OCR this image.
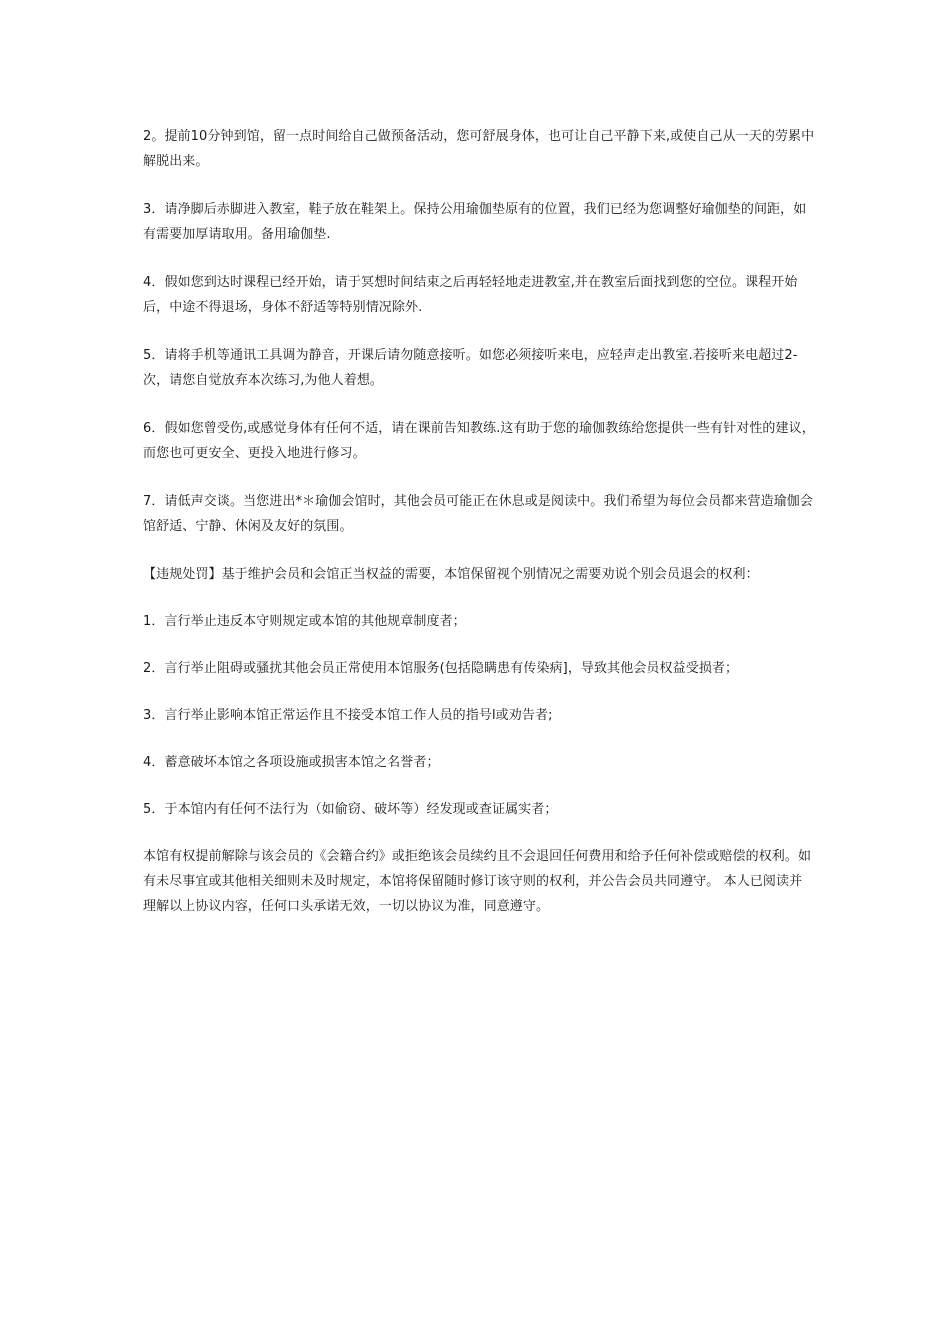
2。提前10分钟到馆，留一点时间给自己做预备活动，您可舒展身体，也可让自己平静下来,或使自己从一天的劳累中解脱出来。

3．请净脚后赤脚进入教室，鞋子放在鞋架上。保持公用瑜伽垫原有的位置，我们已经为您调整好瑜伽垫的间距，如有需要加厚请取用。备用瑜伽垫.

4．假如您到达时课程已经开始，请于冥想时间结束之后再轻轻地走进教室,并在教室后面找到您的空位。课程开始后，中途不得退场，身体不舒适等特别情况除外.

5．请将手机等通讯工具调为静音，开课后请勿随意接听。如您必须接听来电，应轻声走出教室.若接听来电超过2-次，请您自觉放弃本次练习,为他人着想。

6．假如您曾受伤,或感觉身体有任何不适，请在课前告知教练.这有助于您的瑜伽教练给您提供一些有针对性的建议，而您也可更安全、更投入地进行修习。

7．请低声交谈。当您进出*＊瑜伽会馆时，其他会员可能正在休息或是阅读中。我们希望为每位会员都来营造瑜伽会馆舒适、宁静、休闲及友好的氛围。

【违规处罚】基于维护会员和会馆正当权益的需要，本馆保留视个别情况之需要劝说个别会员退会的权利：

1．言行举止违反本守则规定或本馆的其他规章制度者；

2．言行举止阻碍或骚扰其他会员正常使用本馆服务(包括隐瞒患有传染病]，导致其他会员权益受损者；

3．言行举止影响本馆正常运作且不接受本馆工作人员的指号l或劝告者;

4．蓄意破坏本馆之各项设施或损害本馆之名誉者；

5．于本馆内有任何不法行为（如偷窃、破坏等）经发现或查证属实者；

本馆有权提前解除与该会员的《会籍合约》或拒绝该会员续约且不会退回任何费用和给予任何补偿或赔偿的权利。如有未尽事宜或其他相关细则未及时规定，本馆将保留随时修订该守则的权利，并公告会员共同遵守。 本人已阅读并理解以上协议内容，任何口头承诺无效，一切以协议为准，同意遵守。
